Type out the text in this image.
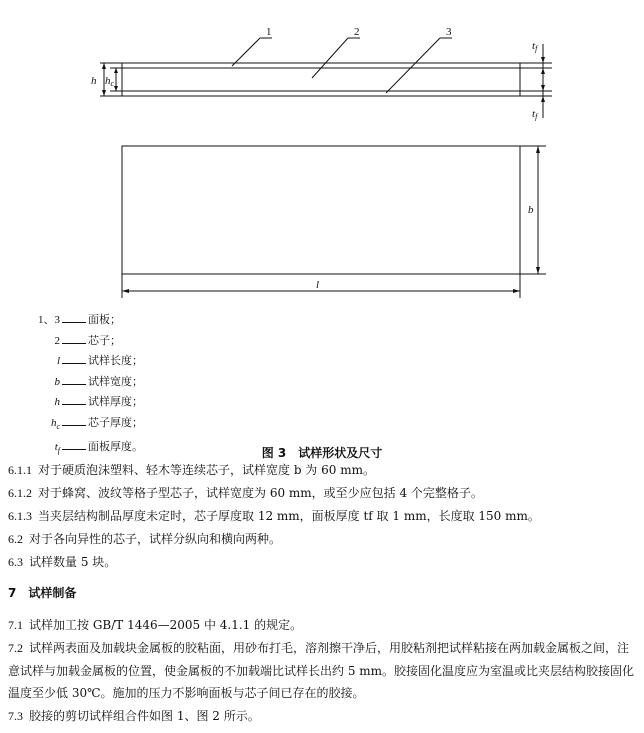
1	2	3
h hc
tf
tf
b
l
1、3	面板；
2	芯子；
l	试样长度；
b	试样宽度；
h	试样厚度；
$h_c$	芯子厚度；
$t_f$	面板厚度。	图 3　试样形状及尺寸
6.1.1 对于硬质泡沫塑料、轻木等连续芯子，试样宽度 b 为 60 mm。
6.1.2 对于蜂窝、波纹等格子型芯子，试样宽度为 60 mm，或至少应包括 4 个完整格子。
6.1.3 当夹层结构制品厚度未定时，芯子厚度取 12 mm，面板厚度 tf 取 1 mm，长度取 150 mm。
6.2 对于各向异性的芯子，试样分纵向和横向两种。
6.3 试样数量 5 块。
7 试样制备
7.1 试样加工按 GB/T 1446—2005 中 4.1.1 的规定。
7.2 试样两表面及加载块金属板的胶粘面，用砂布打毛，溶剂擦干净后，用胶粘剂把试样粘接在两加载金属板之间，注意试样与加载金属板的位置，使金属板的不加载端比试样长出约 5 mm。胶接固化温度应为室温或比夹层结构胶接固化温度至少低 30℃。施加的压力不影响面板与芯子间已存在的胶接。
7.3 胶接的剪切试样组合件如图 1、图 2 所示。
